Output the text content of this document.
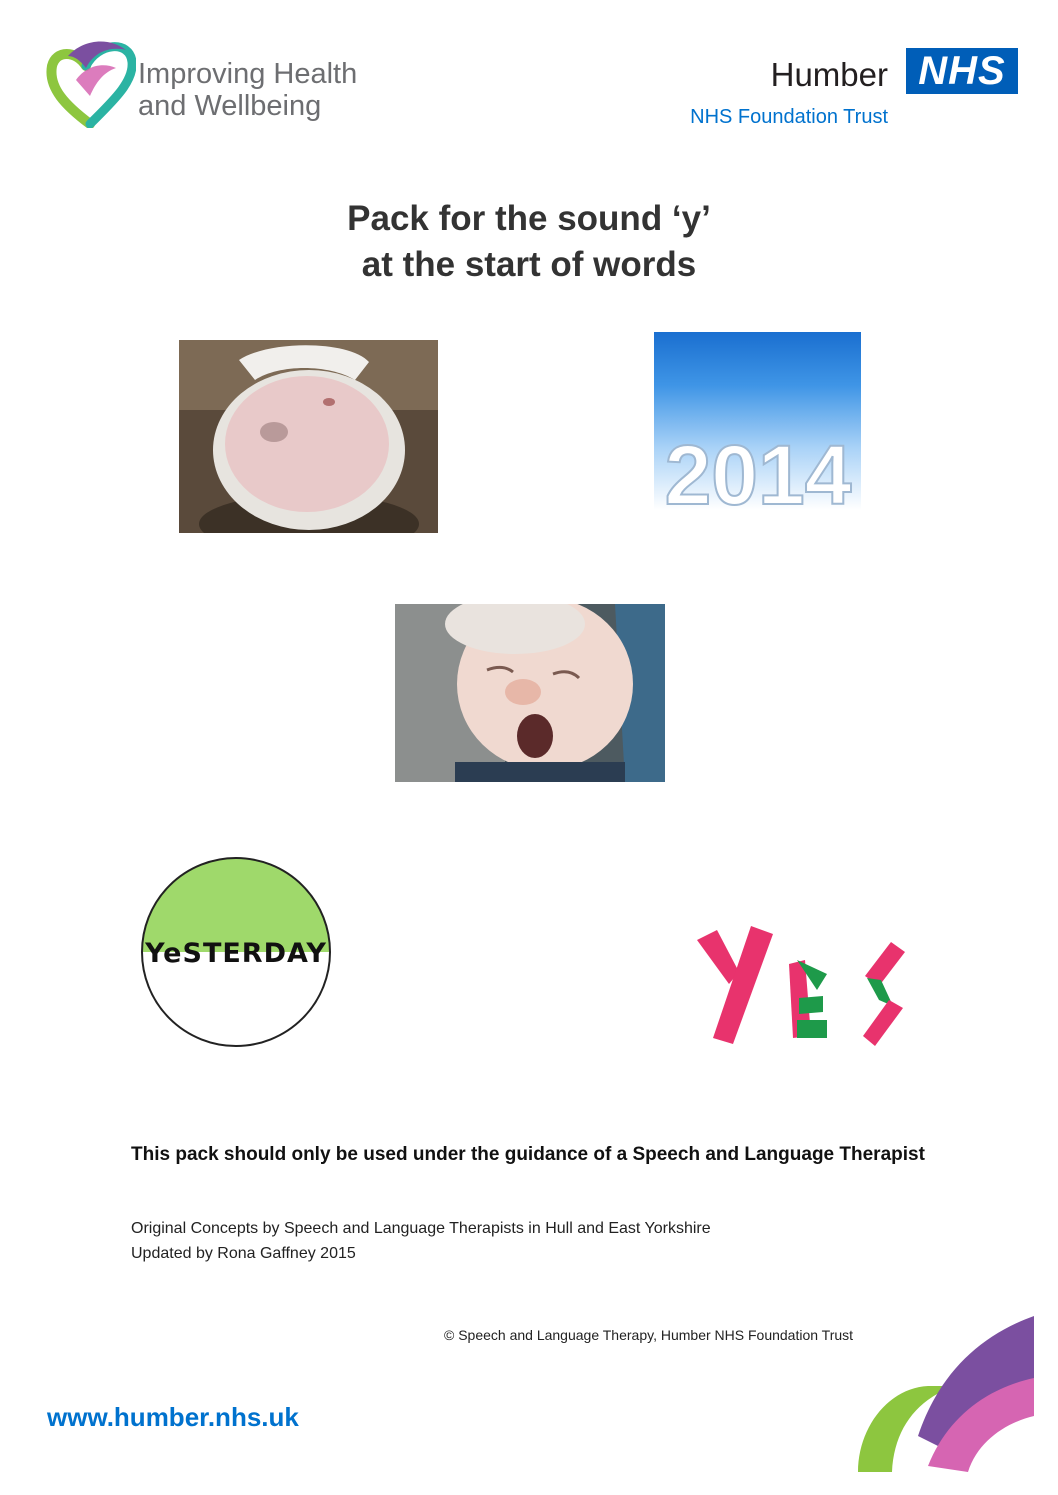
Improving Health
and Wellbeing
Humber NHS
NHS Foundation Trust
Pack for the sound ‘y’
at the start of words
2014
YeSTERDAY
This pack should only be used under the guidance of a Speech and Language Therapist
Original Concepts by Speech and Language Therapists in Hull and East Yorkshire
Updated by Rona Gaffney 2015
© Speech and Language Therapy, Humber NHS Foundation Trust
www.humber.nhs.uk
